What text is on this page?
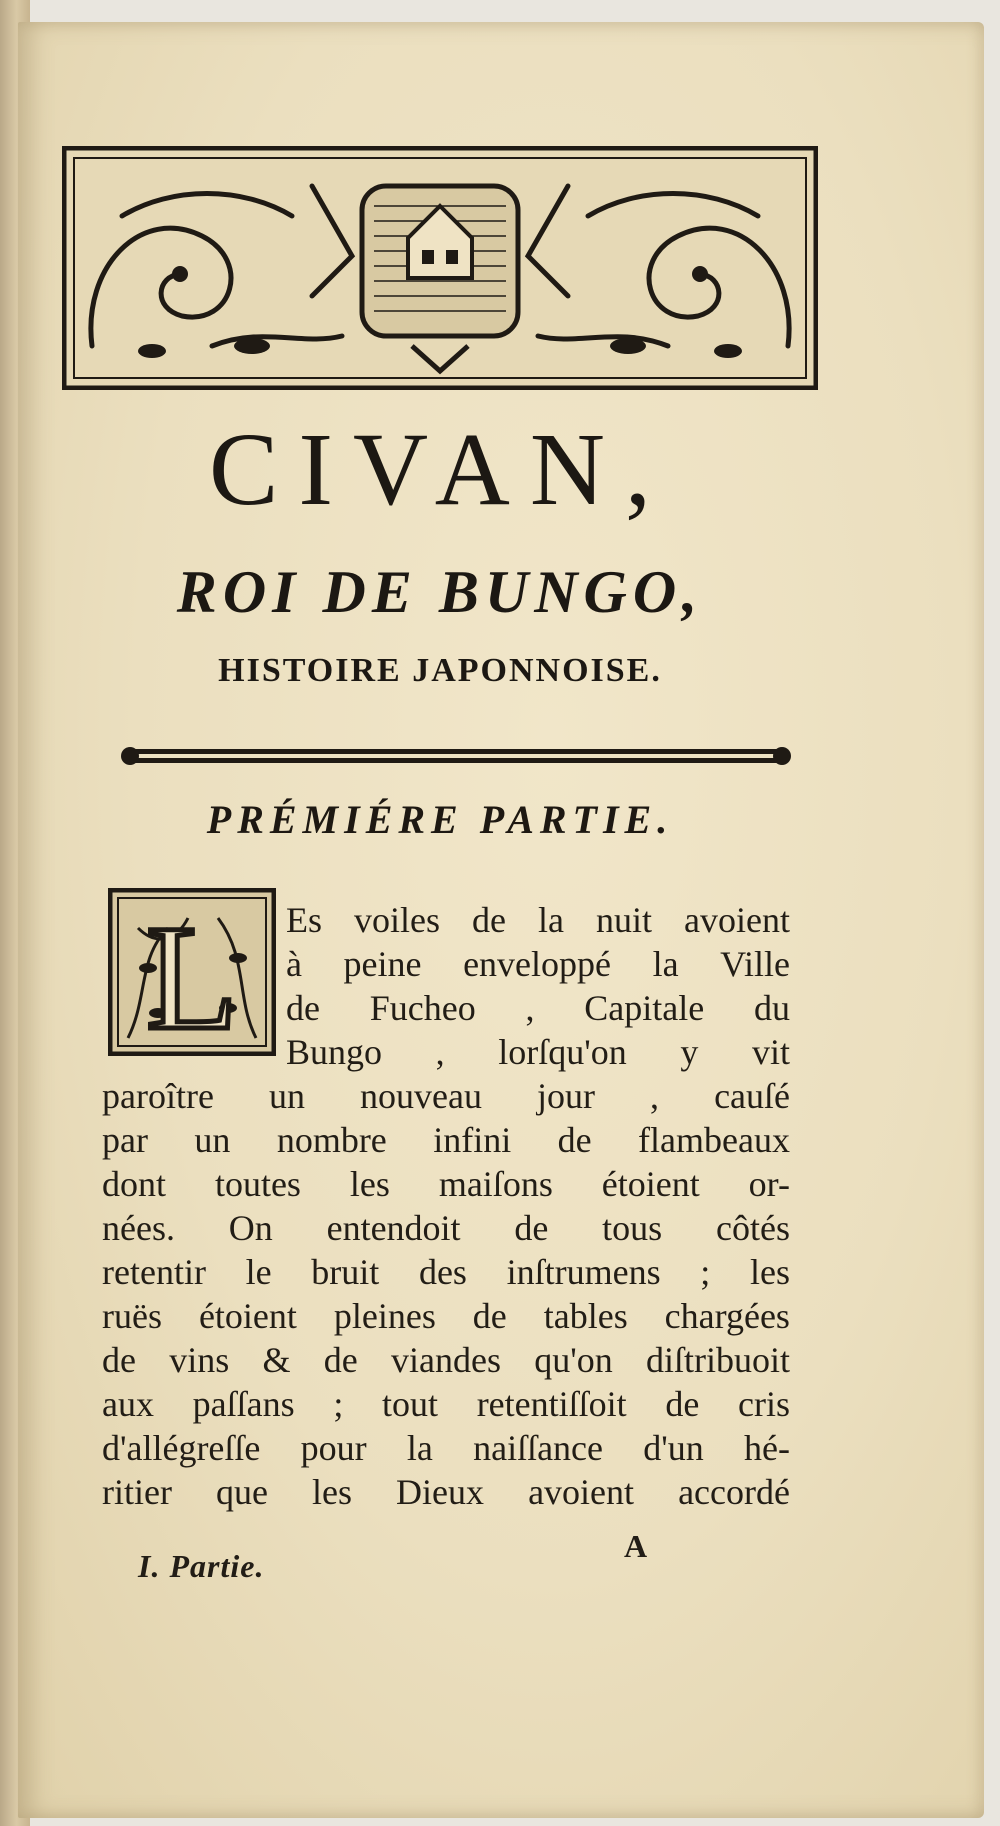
CIVAN,
ROI DE BUNGO,
HISTOIRE JAPONNOISE.
PRÉMIÉRE PARTIE.
L Es voiles de la nuit avoient
à peine enveloppé la Ville
de Fucheo , Capitale du
Bungo , lorſqu'on y vit
paroître un nouveau jour , cauſé
par un nombre infini de flambeaux
dont toutes les maiſons étoient or-
nées. On entendoit de tous côtés
retentir le bruit des inſtrumens ; les
ruës étoient pleines de tables chargées
de vins & de viandes qu'on diſtribuoit
aux paſſans ; tout retentiſſoit de cris
d'allégreſſe pour la naiſſance d'un hé-
ritier que les Dieux avoient accordé
I. Partie.
A
